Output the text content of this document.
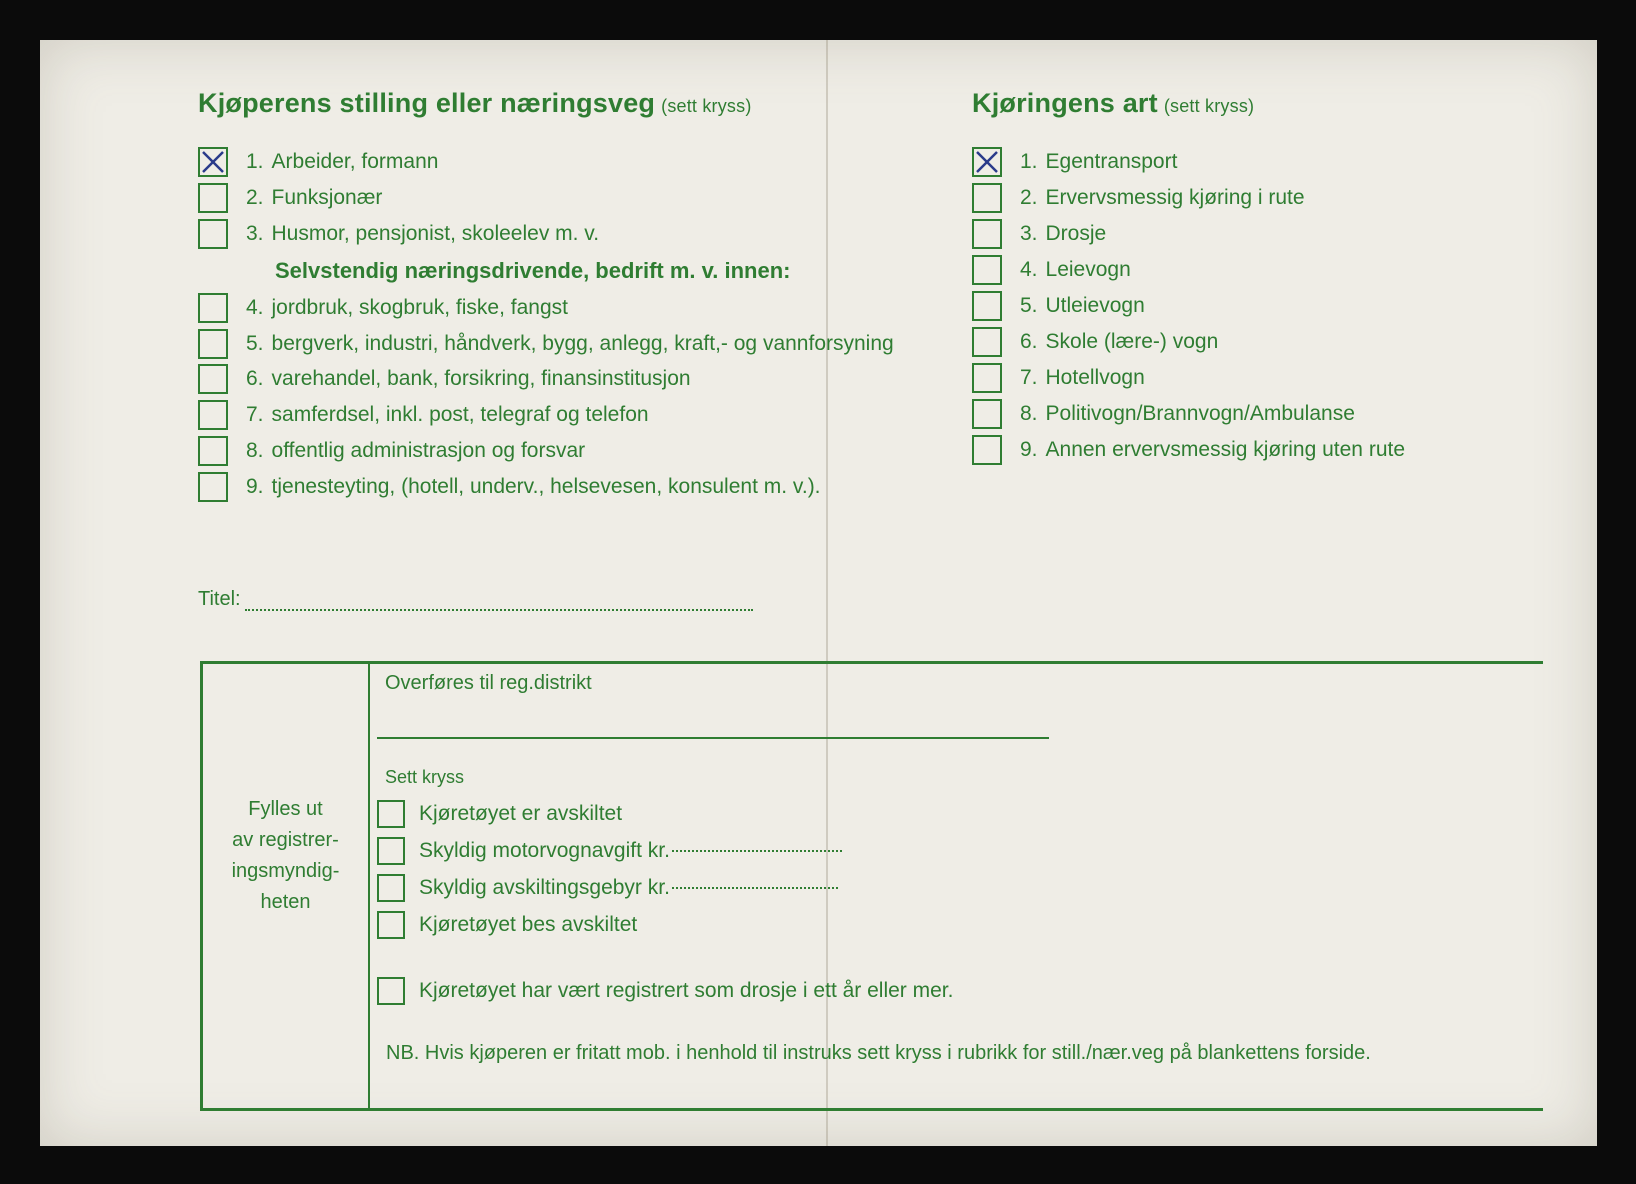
Kjøperens stilling eller næringsveg (sett kryss)	Kjøringens art (sett kryss)
1. Arbeider, formann
2. Funksjonær
3. Husmor, pensjonist, skoleelev m. v.
4. jordbruk, skogbruk, fiske, fangst
5. bergverk, industri, håndverk, bygg, anlegg, kraft,- og vannforsyning
6. varehandel, bank, forsikring, finansinstitusjon
7. samferdsel, inkl. post, telegraf og telefon
8. offentlig administrasjon og forsvar
9. tjenesteyting, (hotell, underv., helsevesen, konsulent m. v.).
Selvstendig næringsdrivende, bedrift m. v. innen:
1. Egentransport
2. Ervervsmessig kjøring i rute
3. Drosje
4. Leievogn
5. Utleievogn
6. Skole (lære-) vogn
7. Hotellvogn
8. Politivogn/Brannvogn/Ambulanse
9. Annen ervervsmessig kjøring uten rute
Titel:
Fylles ut
av registrer-
ingsmyndig-
heten
Overføres til reg.distrikt
Sett kryss
Kjøretøyet er avskiltet
Skyldig motorvognavgift kr.
Skyldig avskiltingsgebyr kr.
Kjøretøyet bes avskiltet
Kjøretøyet har vært registrert som drosje i ett år eller mer.
NB. Hvis kjøperen er fritatt mob. i henhold til instruks sett kryss i rubrikk for still./nær.veg på blankettens forside.
